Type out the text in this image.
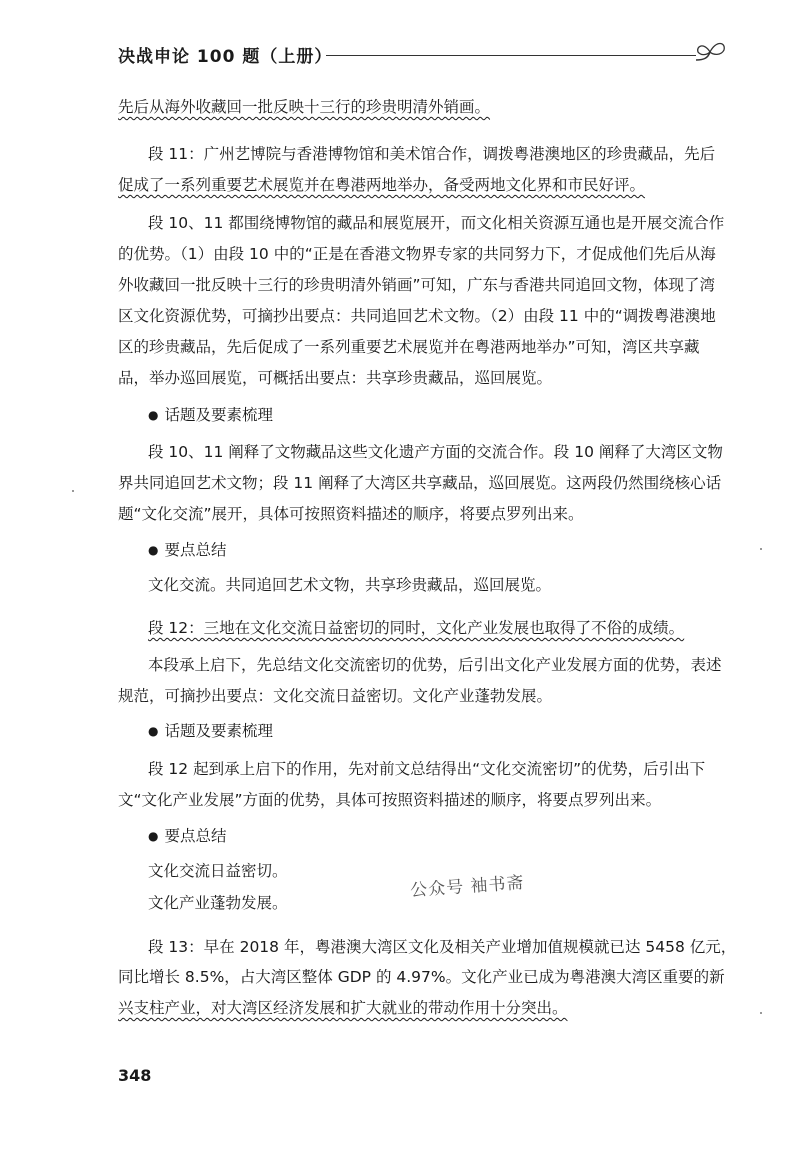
决战申论 100 题（上册）
先后从海外收藏回一批反映十三行的珍贵明清外销画。
段 11：广州艺博院与香港博物馆和美术馆合作，调拨粤港澳地区的珍贵藏品，先后
促成了一系列重要艺术展览并在粤港两地举办，备受两地文化界和市民好评。
段 10、11 都围绕博物馆的藏品和展览展开，而文化相关资源互通也是开展交流合作
的优势。（1）由段 10 中的“正是在香港文物界专家的共同努力下，才促成他们先后从海
外收藏回一批反映十三行的珍贵明清外销画”可知，广东与香港共同追回文物，体现了湾
区文化资源优势，可摘抄出要点：共同追回艺术文物。（2）由段 11 中的“调拨粤港澳地
区的珍贵藏品，先后促成了一系列重要艺术展览并在粤港两地举办”可知，湾区共享藏
品，举办巡回展览，可概括出要点：共享珍贵藏品，巡回展览。
● 话题及要素梳理
段 10、11 阐释了文物藏品这些文化遗产方面的交流合作。段 10 阐释了大湾区文物
界共同追回艺术文物；段 11 阐释了大湾区共享藏品，巡回展览。这两段仍然围绕核心话
题“文化交流”展开，具体可按照资料描述的顺序，将要点罗列出来。
● 要点总结
文化交流。共同追回艺术文物，共享珍贵藏品，巡回展览。
段 12：三地在文化交流日益密切的同时，文化产业发展也取得了不俗的成绩。
本段承上启下，先总结文化交流密切的优势，后引出文化产业发展方面的优势，表述
规范，可摘抄出要点：文化交流日益密切。文化产业蓬勃发展。
● 话题及要素梳理
段 12 起到承上启下的作用，先对前文总结得出“文化交流密切”的优势，后引出下
文“文化产业发展”方面的优势，具体可按照资料描述的顺序，将要点罗列出来。
● 要点总结
文化交流日益密切。
文化产业蓬勃发展。
公众号 袖书斋
段 13：早在 2018 年，粤港澳大湾区文化及相关产业增加值规模就已达 5458 亿元，
同比增长 8.5%，占大湾区整体 GDP 的 4.97%。文化产业已成为粤港澳大湾区重要的新
兴支柱产业，对大湾区经济发展和扩大就业的带动作用十分突出。
348
